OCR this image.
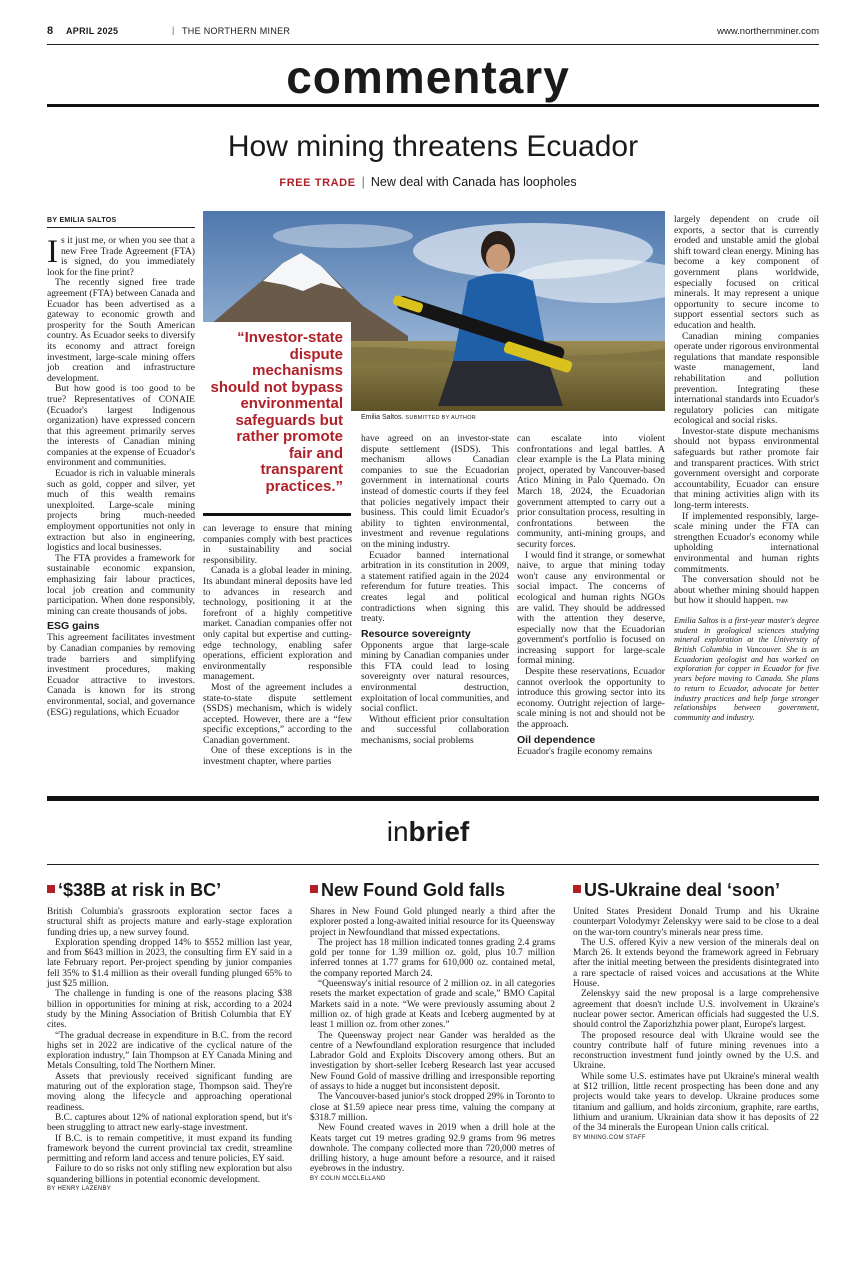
8 APRIL 2025	| THE NORTHERN MINER	www.northernminer.com
commentary
How mining threatens Ecuador
FREE TRADE | New deal with Canada has loopholes
BY EMILIA SALTOS

Is it just me, or when you see that a new Free Trade Agreement (FTA) is signed, do you immediately look for the fine print?

The recently signed free trade agreement (FTA) between Canada and Ecuador has been advertised as a gateway to economic growth and prosperity for the South American country. As Ecuador seeks to diversify its economy and attract foreign investment, large-scale mining offers job creation and infrastructure development.

But how good is too good to be true? Representatives of CONAIE (Ecuador's largest Indigenous organization) have expressed concern that this agreement primarily serves the interests of Canadian mining companies at the expense of Ecuador's environment and communities.

Ecuador is rich in valuable minerals such as gold, copper and silver, yet much of this wealth remains unexploited. Large-scale mining projects bring much-needed employment opportunities not only in extraction but also in engineering, logistics and local businesses.

The FTA provides a framework for sustainable economic expansion, emphasizing fair labour practices, local job creation and community participation. When done responsibly, mining can create thousands of jobs.

ESG gains

This agreement facilitates investment by Canadian companies by removing trade barriers and simplifying investment procedures, making Ecuador attractive to investors. Canada is known for its strong environmental, social, and governance (ESG) regulations, which Ecuador

Emilia Saltos. SUBMITTED BY AUTHOR
“Investor-state dispute mechanisms should not bypass environmental safeguards but rather promote fair and transparent practices.”

can leverage to ensure that mining companies comply with best practices in sustainability and social responsibility.

Canada is a global leader in mining. Its abundant mineral deposits have led to advances in research and technology, positioning it at the forefront of a highly competitive market. Canadian companies offer not only capital but expertise and cutting-edge technology, enabling safer operations, efficient exploration and environmentally responsible management.

Most of the agreement includes a state-to-state dispute settlement (SSDS) mechanism, which is widely accepted. However, there are a “few specific exceptions,” according to the Canadian government.

One of these exceptions is in the investment chapter, where parties

have agreed on an investor-state dispute settlement (ISDS). This mechanism allows Canadian companies to sue the Ecuadorian government in international courts instead of domestic courts if they feel that policies negatively impact their business. This could limit Ecuador's ability to tighten environmental, investment and revenue regulations on the mining industry.

Ecuador banned international arbitration in its constitution in 2009, a statement ratified again in the 2024 referendum for future treaties. This creates legal and political contradictions when signing this treaty.

Resource sovereignty

Opponents argue that large-scale mining by Canadian companies under this FTA could lead to losing sovereignty over natural resources, environmental destruction, exploitation of local communities, and social conflict.

Without efficient prior consultation and successful collaboration mechanisms, social problems

can escalate into violent confrontations and legal battles. A clear example is the La Plata mining project, operated by Vancouver-based Atico Mining in Palo Quemado. On March 18, 2024, the Ecuadorian government attempted to carry out a prior consultation process, resulting in confrontations between the community, anti-mining groups, and security forces.

I would find it strange, or somewhat naive, to argue that mining today won't cause any environmental or social impact. The concerns of ecological and human rights NGOs are valid. They should be addressed with the attention they deserve, especially now that the Ecuadorian government's portfolio is focused on increasing support for large-scale formal mining.

Despite these reservations, Ecuador cannot overlook the opportunity to introduce this growing sector into its economy. Outright rejection of large-scale mining is not and should not be the approach.

Oil dependence

Ecuador's fragile economy remains

largely dependent on crude oil exports, a sector that is currently eroded and unstable amid the global shift toward clean energy. Mining has become a key component of government plans worldwide, especially focused on critical minerals. It may represent a unique opportunity to secure income to support essential sectors such as education and health.

Canadian mining companies operate under rigorous environmental regulations that mandate responsible waste management, land rehabilitation and pollution prevention. Integrating these international standards into Ecuador's regulatory policies can mitigate ecological and social risks.

Investor-state dispute mechanisms should not bypass environmental safeguards but rather promote fair and transparent practices. With strict government oversight and corporate accountability, Ecuador can ensure that mining activities align with its long-term interests.

If implemented responsibly, large-scale mining under the FTA can strengthen Ecuador's economy while upholding international environmental and human rights commitments.

The conversation should not be about whether mining should happen but how it should happen. TNM

Emilia Saltos is a first-year master's degree student in geological sciences studying mineral exploration at the University of British Columbia in Vancouver. She is an Ecuadorian geologist and has worked on exploration for copper in Ecuador for five years before moving to Canada. She plans to return to Ecuador, advocate for better industry practices and help forge stronger relationships between government, community and industry.
inbrief
‘$38B at risk in BC’	New Found Gold falls	US-Ukraine deal ‘soon’

British Columbia's grassroots exploration sector faces a structural shift as projects mature and early-stage exploration funding dries up, a new survey found.

Exploration spending dropped 14% to $552 million last year, and from $643 million in 2023, the consulting firm EY said in a late February report. Per-project spending by junior companies fell 35% to $1.4 million as their overall funding plunged 65% to just $25 million.

The challenge in funding is one of the reasons placing $38 billion in opportunities for mining at risk, according to a 2024 study by the Mining Association of British Columbia that EY cites.

“The gradual decrease in expenditure in B.C. from the record highs set in 2022 are indicative of the cyclical nature of the exploration industry,” Iain Thompson at EY Canada Mining and Metals Consulting, told The Northern Miner.

Assets that previously received significant funding are maturing out of the exploration stage, Thompson said. They're moving along the lifecycle and approaching operational readiness.

B.C. captures about 12% of national exploration spend, but it's been struggling to attract new early-stage investment.

If B.C. is to remain competitive, it must expand its funding framework beyond the current provincial tax credit, streamline permitting and reform land access and tenure policies, EY said.

Failure to do so risks not only stifling new exploration but also squandering billions in potential economic development.

BY HENRY LAZENBY

Shares in New Found Gold plunged nearly a third after the explorer posted a long-awaited initial resource for its Queensway project in Newfoundland that missed expectations.

The project has 18 million indicated tonnes grading 2.4 grams gold per tonne for 1.39 million oz. gold, plus 10.7 million inferred tonnes at 1.77 grams for 610,000 oz. contained metal, the company reported March 24.

“Queensway's initial resource of 2 million oz. in all categories resets the market expectation of grade and scale,” BMO Capital Markets said in a note. “We were previously assuming about 2 million oz. of high grade at Keats and Iceberg augmented by at least 1 million oz. from other zones.”

The Queensway project near Gander was heralded as the centre of a Newfoundland exploration resurgence that included Labrador Gold and Exploits Discovery among others. But an investigation by short-seller Iceberg Research last year accused New Found Gold of massive drilling and irresponsible reporting of assays to hide a nugget but inconsistent deposit.

The Vancouver-based junior's stock dropped 29% in Toronto to close at $1.59 apiece near press time, valuing the company at $318.7 million.

New Found created waves in 2019 when a drill hole at the Keats target cut 19 metres grading 92.9 grams from 96 metres downhole. The company collected more than 720,000 metres of drilling history, a huge amount before a resource, and it raised eyebrows in the industry.

BY COLIN MCCLELLAND

United States President Donald Trump and his Ukraine counterpart Volodymyr Zelenskyy were said to be close to a deal on the war-torn country's minerals near press time.

The U.S. offered Kyiv a new version of the minerals deal on March 26. It extends beyond the framework agreed in February after the initial meeting between the presidents disintegrated into a rare spectacle of raised voices and accusations at the White House.

Zelenskyy said the new proposal is a large comprehensive agreement that doesn't include U.S. involvement in Ukraine's nuclear power sector. American officials had suggested the U.S. should control the Zaporizhzhia power plant, Europe's largest.

The proposed resource deal with Ukraine would see the country contribute half of future mining revenues into a reconstruction investment fund jointly owned by the U.S. and Ukraine.

While some U.S. estimates have put Ukraine's mineral wealth at $12 trillion, little recent prospecting has been done and any projects would take years to develop. Ukraine produces some titanium and gallium, and holds zirconium, graphite, rare earths, lithium and uranium. Ukrainian data show it has deposits of 22 of the 34 minerals the European Union calls critical.

BY MINING.COM STAFF
